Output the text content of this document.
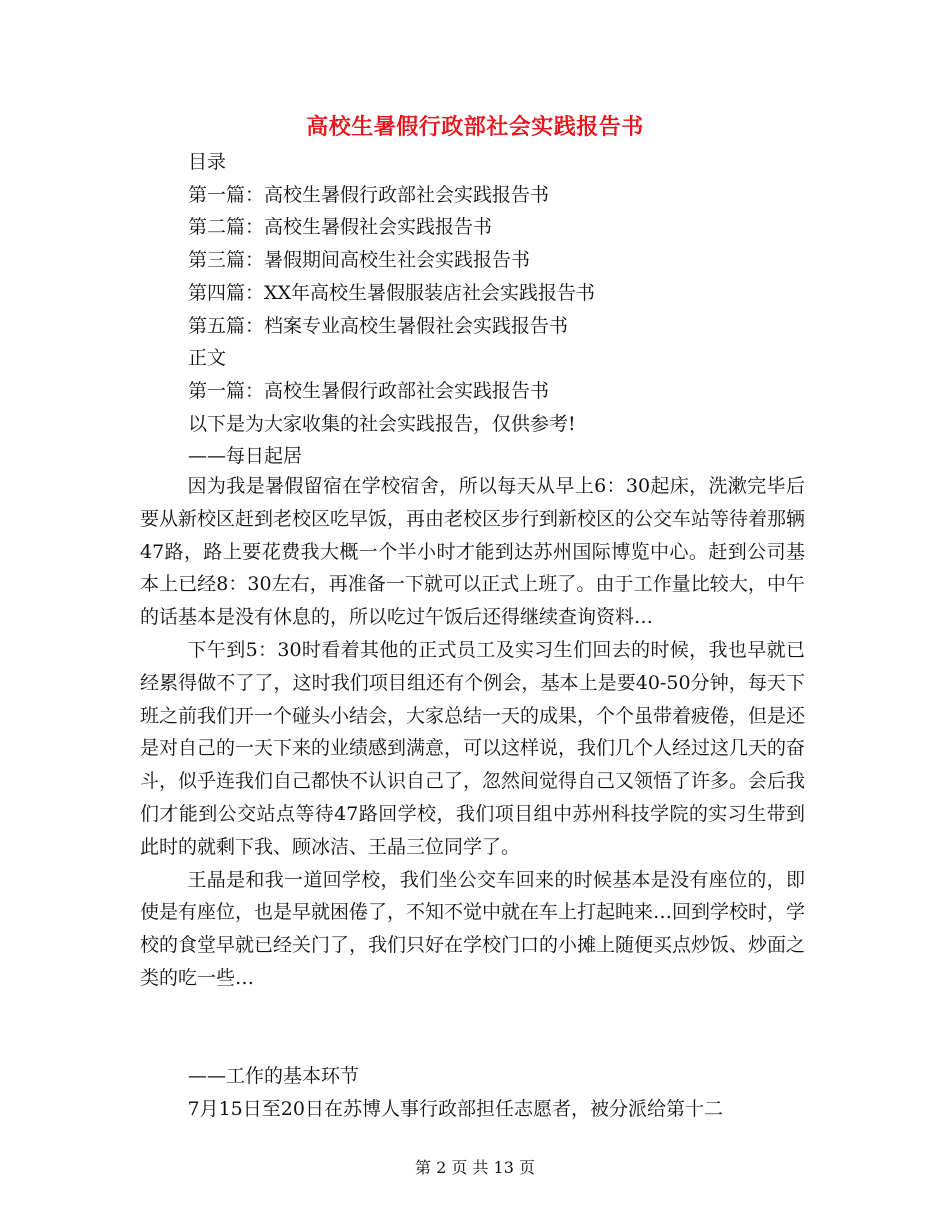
高校生暑假行政部社会实践报告书
目录
第一篇：高校生暑假行政部社会实践报告书
第二篇：高校生暑假社会实践报告书
第三篇：暑假期间高校生社会实践报告书
第四篇：XX年高校生暑假服装店社会实践报告书
第五篇：档案专业高校生暑假社会实践报告书
正文
第一篇：高校生暑假行政部社会实践报告书
以下是为大家收集的社会实践报告，仅供参考!
——每日起居

因为我是暑假留宿在学校宿舍，所以每天从早上6：30起床，洗漱完毕后要从新校区赶到老校区吃早饭，再由老校区步行到新校区的公交车站等待着那辆47路，路上要花费我大概一个半小时才能到达苏州国际博览中心。赶到公司基本上已经8：30左右，再准备一下就可以正式上班了。由于工作量比较大，中午的话基本是没有休息的，所以吃过午饭后还得继续查询资料…

下午到5：30时看着其他的正式员工及实习生们回去的时候，我也早就已经累得做不了了，这时我们项目组还有个例会，基本上是要40-50分钟，每天下班之前我们开一个碰头小结会，大家总结一天的成果，个个虽带着疲倦，但是还是对自己的一天下来的业绩感到满意，可以这样说，我们几个人经过这几天的奋斗，似乎连我们自己都快不认识自己了，忽然间觉得自己又领悟了许多。会后我们才能到公交站点等待47路回学校，我们项目组中苏州科技学院的实习生带到此时的就剩下我、顾冰洁、王晶三位同学了。

王晶是和我一道回学校，我们坐公交车回来的时候基本是没有座位的，即使是有座位，也是早就困倦了，不知不觉中就在车上打起盹来…回到学校时，学校的食堂早就已经关门了，我们只好在学校门口的小摊上随便买点炒饭、炒面之类的吃一些…

——工作的基本环节

7月15日至20日在苏博人事行政部担任志愿者，被分派给第十二

第 2 页 共 13 页
